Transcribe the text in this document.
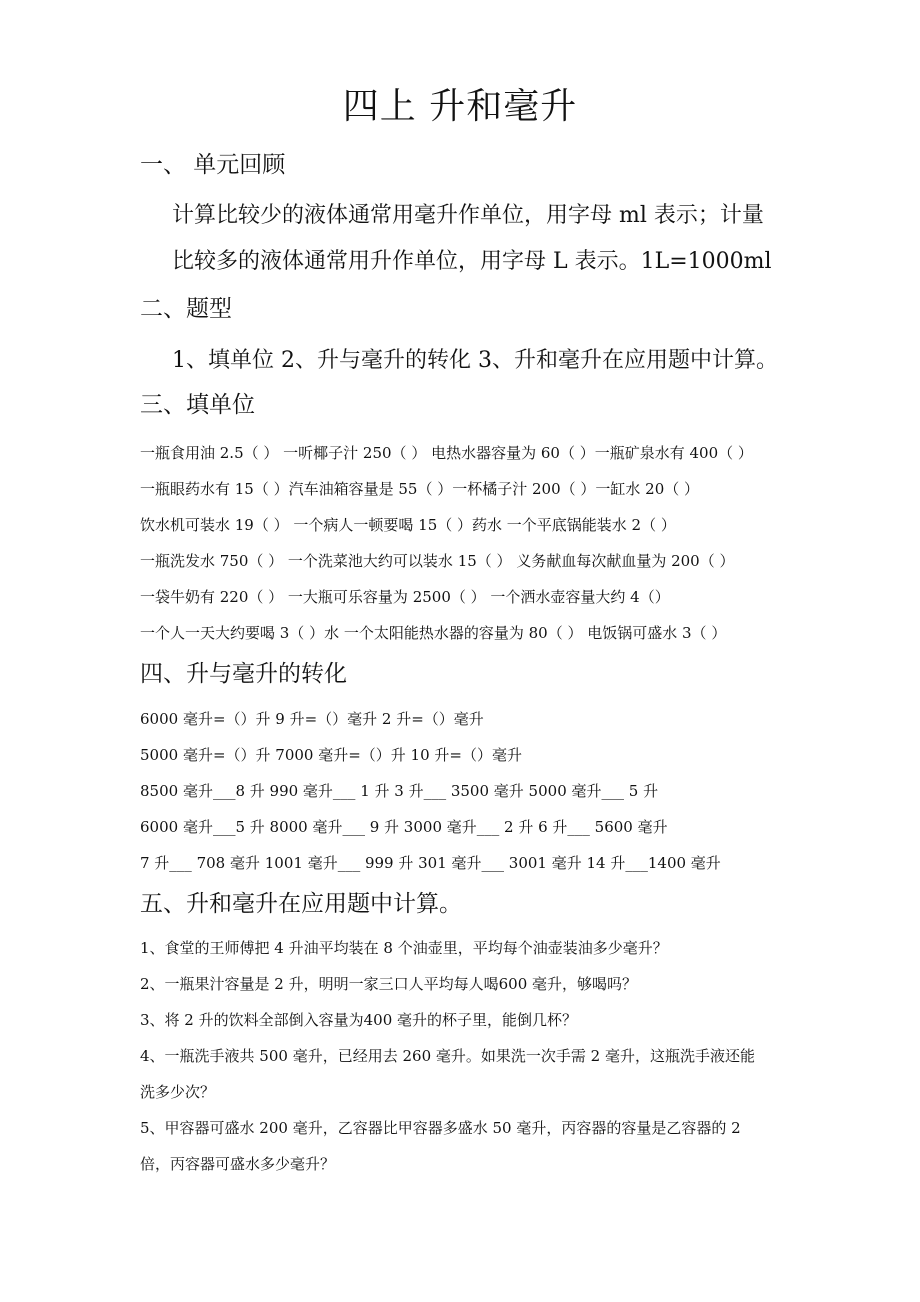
四上 升和毫升
一、 单元回顾
计算比较少的液体通常用毫升作单位，用字母 ml 表示；计量
比较多的液体通常用升作单位，用字母 L 表示。1L=1000ml
二、题型
1、填单位 2、升与毫升的转化 3、升和毫升在应用题中计算。
三、填单位
一瓶食用油 2.5（ ） 一听椰子汁 250（ ） 电热水器容量为 60（ ）一瓶矿泉水有 400（ ）
一瓶眼药水有 15（ ）汽车油箱容量是 55（ ）一杯橘子汁 200（ ）一缸水 20（ ）
饮水机可装水 19（ ） 一个病人一顿要喝 15（ ）药水 一个平底锅能装水 2（ ）
一瓶洗发水 750（ ） 一个洗菜池大约可以装水 15（ ） 义务献血每次献血量为 200（ ）
一袋牛奶有 220（ ） 一大瓶可乐容量为 2500（ ） 一个洒水壶容量大约 4（）
一个人一天大约要喝 3（ ）水 一个太阳能热水器的容量为 80（ ） 电饭锅可盛水 3（ ）
四、升与毫升的转化
6000 毫升=（）升 9 升=（）毫升 2 升=（）毫升
5000 毫升=（）升 7000 毫升=（）升 10 升=（）毫升
8500 毫升___8 升 990 毫升___ 1 升 3 升___ 3500 毫升 5000 毫升___ 5 升
6000 毫升___5 升 8000 毫升___ 9 升 3000 毫升___ 2 升 6 升___ 5600 毫升
7 升___ 708 毫升 1001 毫升___ 999 升 301 毫升___ 3001 毫升 14 升___1400 毫升
五、升和毫升在应用题中计算。
1、食堂的王师傅把 4 升油平均装在 8 个油壶里，平均每个油壶装油多少毫升？
2、一瓶果汁容量是 2 升，明明一家三口人平均每人喝600 毫升，够喝吗？
3、将 2 升的饮料全部倒入容量为400 毫升的杯子里，能倒几杯？
4、一瓶洗手液共 500 毫升，已经用去 260 毫升。如果洗一次手需 2 毫升，这瓶洗手液还能
洗多少次？
5、甲容器可盛水 200 毫升，乙容器比甲容器多盛水 50 毫升，丙容器的容量是乙容器的 2
倍，丙容器可盛水多少毫升？
